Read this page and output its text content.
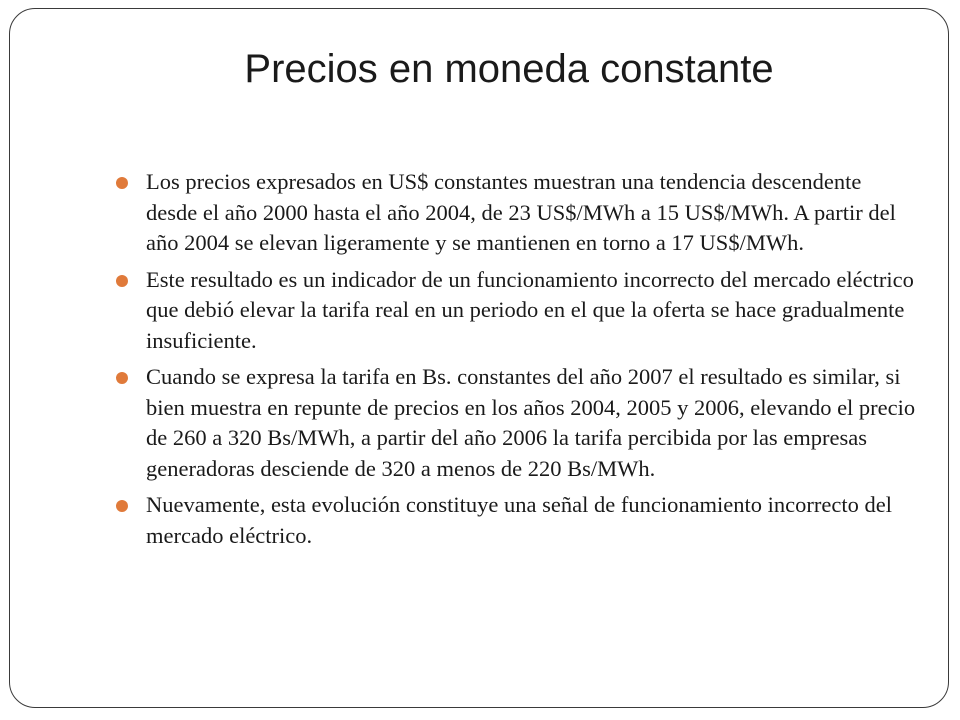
Precios en moneda constante
Los precios expresados en US$ constantes muestran una tendencia descendente desde el año 2000 hasta el año 2004, de 23 US$/MWh a 15 US$/MWh. A partir del año 2004 se elevan ligeramente y se mantienen en torno a 17 US$/MWh.
Este resultado es un indicador de un funcionamiento incorrecto del mercado eléctrico que debió elevar la tarifa real en un periodo en el que la oferta se hace gradualmente insuficiente.
Cuando se expresa la tarifa en Bs. constantes del año 2007 el resultado es similar, si bien muestra en repunte de precios en los años 2004, 2005 y 2006, elevando el precio de 260 a 320 Bs/MWh, a partir del año 2006 la tarifa percibida por las empresas generadoras desciende de 320 a menos de 220 Bs/MWh.
Nuevamente, esta evolución constituye una señal de funcionamiento incorrecto del mercado eléctrico.
